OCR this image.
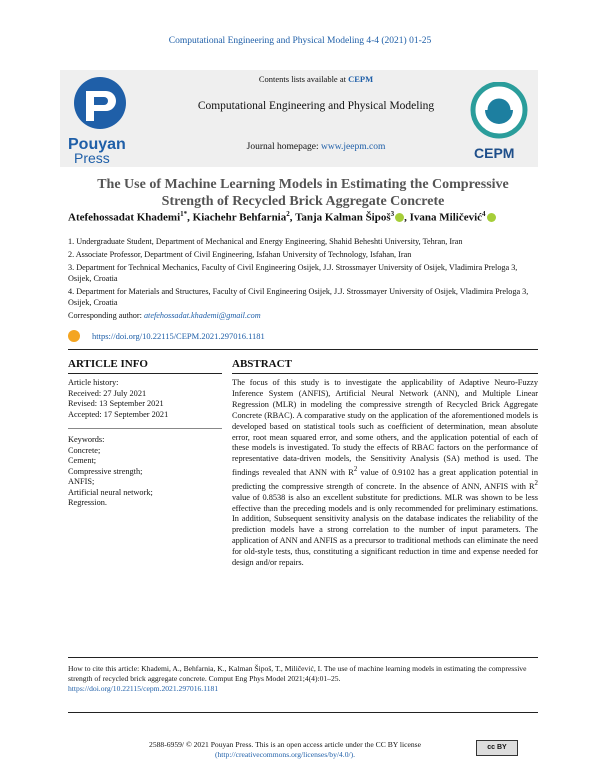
Computational Engineering and Physical Modeling 4-4 (2021) 01-25
Pouyan
Press
Contents lists available at CEPM
Computational Engineering and Physical Modeling
Journal homepage: www.jeepm.com	CEPM
The Use of Machine Learning Models in Estimating the Compressive
Strength of Recycled Brick Aggregate Concrete
Atefehossadat Khademi$^{1*}$, Kiachehr Behfarnia$^2$, Tanja Kalman Šipoš$^3$ , Ivana Miličević$^4$

1. Undergraduate Student, Department of Mechanical and Energy Engineering, Shahid Beheshti University, Tehran, Iran

2. Associate Professor, Department of Civil Engineering, Isfahan University of Technology, Isfahan, Iran

3. Department for Technical Mechanics, Faculty of Civil Engineering Osijek, J.J. Strossmayer University of Osijek, Vladimira Preloga 3, Osijek, Croatia

4. Department for Materials and Structures, Faculty of Civil Engineering Osijek, J.J. Strossmayer University of Osijek, Vladimira Preloga 3, Osijek, Croatia

Corresponding author: atefehossadat.khademi@gmail.com

https://doi.org/10.22115/CEPM.2021.297016.1181
ARTICLE INFO	ABSTRACT
Article history:
Received: 27 July 2021
Revised: 13 September 2021
Accepted: 17 September 2021
Keywords:
Concrete;
Cement;
Compressive strength;
ANFIS;
Artificial neural network;
Regression.
The focus of this study is to investigate the applicability of Adaptive Neuro-Fuzzy Inference System (ANFIS), Artificial Neural Network (ANN), and Multiple Linear Regression (MLR) in modeling the compressive strength of Recycled Brick Aggregate Concrete (RBAC). A comparative study on the application of the aforementioned models is developed based on statistical tools such as coefficient of determination, mean absolute error, root mean squared error, and some others, and the application potential of each of these models is investigated. To study the effects of RBAC factors on the performance of representative data-driven models, the Sensitivity Analysis (SA) method is used. The findings revealed that ANN with $R^2$ value of 0.9102 has a great application potential in predicting the compressive strength of concrete. In the absence of ANN, ANFIS with $R^2$ value of 0.8538 is also an excellent substitute for predictions. MLR was shown to be less effective than the preceding models and is only recommended for preliminary estimations. In addition, Subsequent sensitivity analysis on the database indicates the reliability of the prediction models have a strong correlation to the number of input parameters. The application of ANN and ANFIS as a precursor to traditional methods can eliminate the need for old-style tests, thus, constituting a significant reduction in time and expense needed for design and/or repairs.
How to cite this article: Khademi, A., Behfarnia, K., Kalman Šipoš, T., Miličević, I. The use of machine learning models in estimating the compressive strength of recycled brick aggregate concrete. Comput Eng Phys Model 2021;4(4):01–25.
https://doi.org/10.22115/cepm.2021.297016.1181
2588-6959/ © 2021 Pouyan Press. This is an open access article under the CC BY license
(http://creativecommons.org/licenses/by/4.0/).
cc BY
